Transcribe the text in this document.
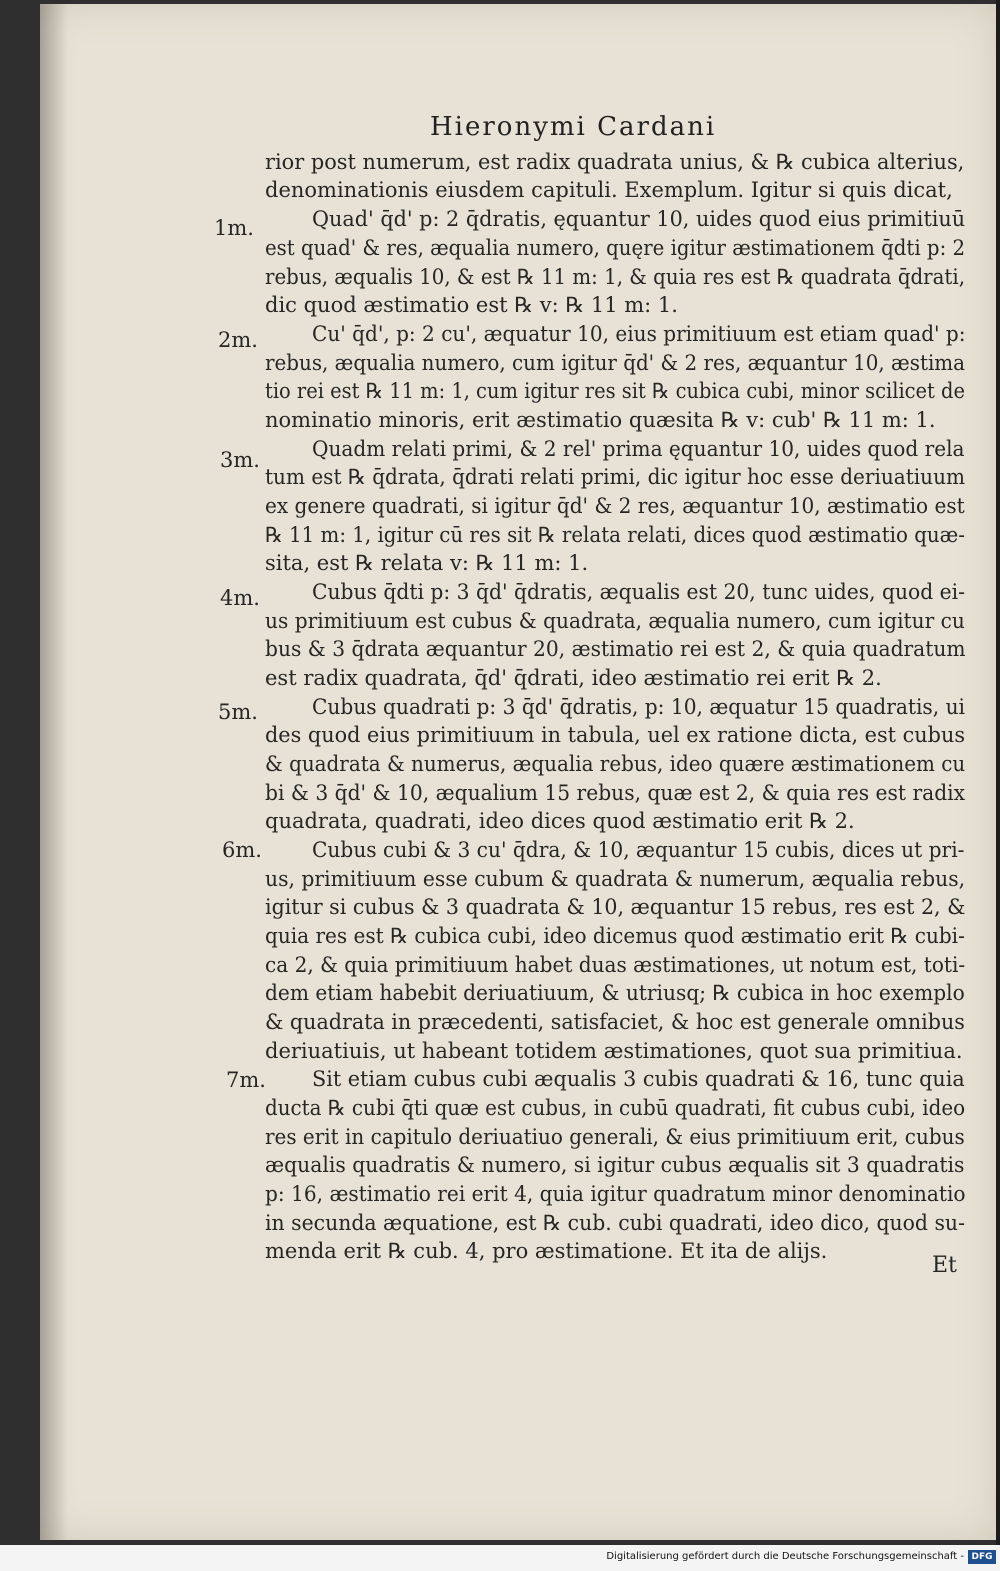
Hieronymi Cardani
1m.
2m.
3m.
4m.
5m.
6m.
7m.
rior post numerum, est radix quadrata unius, & ℞ cubica alterius,
denominationis eiusdem capituli. Exemplum. Igitur si quis dicat,
Quad' q̄d' p: 2 q̄dratis, ęquantur 10, uides quod eius primitiuū
est quad' & res, æqualia numero, quęre igitur æstimationem q̄dti p: 2
rebus, æqualis 10, & est ℞ 11 m: 1, & quia res est ℞ quadrata q̄drati,
dic quod æstimatio est ℞ v: ℞ 11 m: 1.
Cu' q̄d', p: 2 cu', æquatur 10, eius primitiuum est etiam quad' p:
rebus, æqualia numero, cum igitur q̄d' & 2 res, æquantur 10, æstima
tio rei est ℞ 11 m: 1, cum igitur res sit ℞ cubica cubi, minor scilicet de
nominatio minoris, erit æstimatio quæsita ℞ v: cub' ℞ 11 m: 1.
Quadm relati primi, & 2 rel' prima ęquantur 10, uides quod rela
tum est ℞ q̄drata, q̄drati relati primi, dic igitur hoc esse deriuatiuum
ex genere quadrati, si igitur q̄d' & 2 res, æquantur 10, æstimatio est
℞ 11 m: 1, igitur cū res sit ℞ relata relati, dices quod æstimatio quæ-
sita, est ℞ relata v: ℞ 11 m: 1.
Cubus q̄dti p: 3 q̄d' q̄dratis, æqualis est 20, tunc uides, quod ei-
us primitiuum est cubus & quadrata, æqualia numero, cum igitur cu
bus & 3 q̄drata æquantur 20, æstimatio rei est 2, & quia quadratum
est radix quadrata, q̄d' q̄drati, ideo æstimatio rei erit ℞ 2.
Cubus quadrati p: 3 q̄d' q̄dratis, p: 10, æquatur 15 quadratis, ui
des quod eius primitiuum in tabula, uel ex ratione dicta, est cubus
& quadrata & numerus, æqualia rebus, ideo quære æstimationem cu
bi & 3 q̄d' & 10, æqualium 15 rebus, quæ est 2, & quia res est radix
quadrata, quadrati, ideo dices quod æstimatio erit ℞ 2.
Cubus cubi & 3 cu' q̄dra, & 10, æquantur 15 cubis, dices ut pri-
us, primitiuum esse cubum & quadrata & numerum, æqualia rebus,
igitur si cubus & 3 quadrata & 10, æquantur 15 rebus, res est 2, &
quia res est ℞ cubica cubi, ideo dicemus quod æstimatio erit ℞ cubi-
ca 2, & quia primitiuum habet duas æstimationes, ut notum est, toti-
dem etiam habebit deriuatiuum, & utriusq; ℞ cubica in hoc exemplo
& quadrata in præcedenti, satisfaciet, & hoc est generale omnibus
deriuatiuis, ut habeant totidem æstimationes, quot sua primitiua.
Sit etiam cubus cubi æqualis 3 cubis quadrati & 16, tunc quia
ducta ℞ cubi q̄ti quæ est cubus, in cubū quadrati, fit cubus cubi, ideo
res erit in capitulo deriuatiuo generali, & eius primitiuum erit, cubus
æqualis quadratis & numero, si igitur cubus æqualis sit 3 quadratis
p: 16, æstimatio rei erit 4, quia igitur quadratum minor denominatio
in secunda æquatione, est ℞ cub. cubi quadrati, ideo dico, quod su-
menda erit ℞ cub. 4, pro æstimatione. Et ita de alijs.
Et
Digitalisierung gefördert durch die Deutsche Forschungsgemeinschaft - DFG
